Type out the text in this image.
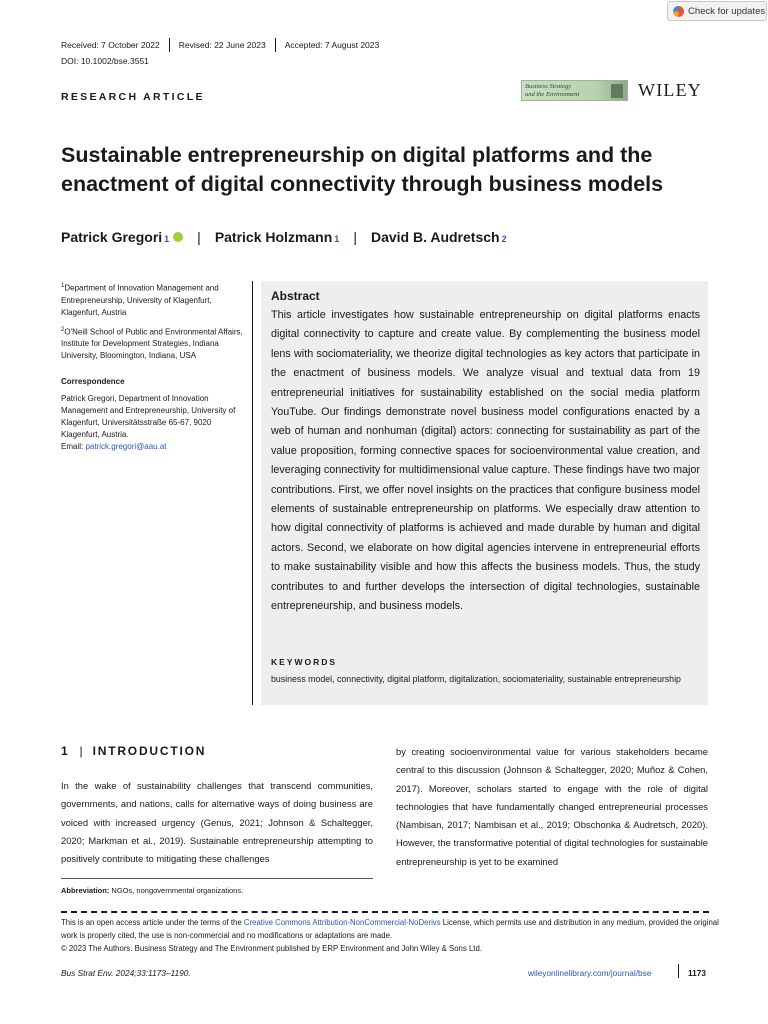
Check for updates
Received: 7 October 2022 Revised: 22 June 2023 Accepted: 7 August 2023
DOI: 10.1002/bse.3551
RESEARCH ARTICLE
Business Strategy
and the Environment	WILEY
Sustainable entrepreneurship on digital platforms and the enactment of digital connectivity through business models
Patrick Gregori 1 | Patrick Holzmann 1 | David B. Audretsch 2

$^1$Department of Innovation Management and Entrepreneurship, University of Klagenfurt, Klagenfurt, Austria

$^2$O'Neill School of Public and Environmental Affairs, Institute for Development Strategies, Indiana University, Bloomington, Indiana, USA

Correspondence

Patrick Gregori, Department of Innovation Management and Entrepreneurship, University of Klagenfurt, Universitätsstraße 65-67, 9020 Klagenfurt, Austria.
Email: patrick.gregori@aau.at

Abstract
This article investigates how sustainable entrepreneurship on digital platforms enacts digital connectivity to capture and create value. By complementing the business model lens with sociomateriality, we theorize digital technologies as key actors that participate in the enactment of business models. We analyze visual and textual data from 19 entrepreneurial initiatives for sustainability established on the social media platform YouTube. Our findings demonstrate novel business model configurations enacted by a web of human and nonhuman (digital) actors: connecting for sustainability as part of the value proposition, forming connective spaces for socioenvironmental value creation, and leveraging connectivity for multidimensional value capture. These findings have two major contributions. First, we offer novel insights on the practices that configure business model elements of sustainable entrepreneurship on platforms. We especially draw attention to how digital connectivity of platforms is achieved and made durable by human and digital actors. Second, we elaborate on how digital agencies intervene in entrepreneurial efforts to make sustainability visible and how this affects the business models. Thus, the study contributes to and further develops the intersection of digital technologies, sustainable entrepreneurship, and business models.
KEYWORDS
business model, connectivity, digital platform, digitalization, sociomateriality, sustainable entrepreneurship
1 | INTRODUCTION
In the wake of sustainability challenges that transcend communities, governments, and nations, calls for alternative ways of doing business are voiced with increased urgency (Genus, 2021; Johnson & Schaltegger, 2020; Markman et al., 2019). Sustainable entrepreneurship attempting to positively contribute to mitigating these challenges
by creating socioenvironmental value for various stakeholders became central to this discussion (Johnson & Schaltegger, 2020; Muñoz & Cohen, 2017). Moreover, scholars started to engage with the role of digital technologies that have fundamentally changed entrepreneurial processes (Nambisan, 2017; Nambisan et al., 2019; Obschonka & Audretsch, 2020). However, the transformative potential of digital technologies for sustainable entrepreneurship is yet to be examined
Abbreviation: NGOs, nongovernmental organizations.
This is an open access article under the terms of the Creative Commons Attribution-NonCommercial-NoDerivs License, which permits use and distribution in any medium, provided the original work is properly cited, the use is non-commercial and no modifications or adaptations are made.
© 2023 The Authors. Business Strategy and The Environment published by ERP Environment and John Wiley & Sons Ltd.
Bus Strat Env. 2024;33:1173–1190.	wileyonlinelibrary.com/journal/bse	1173
